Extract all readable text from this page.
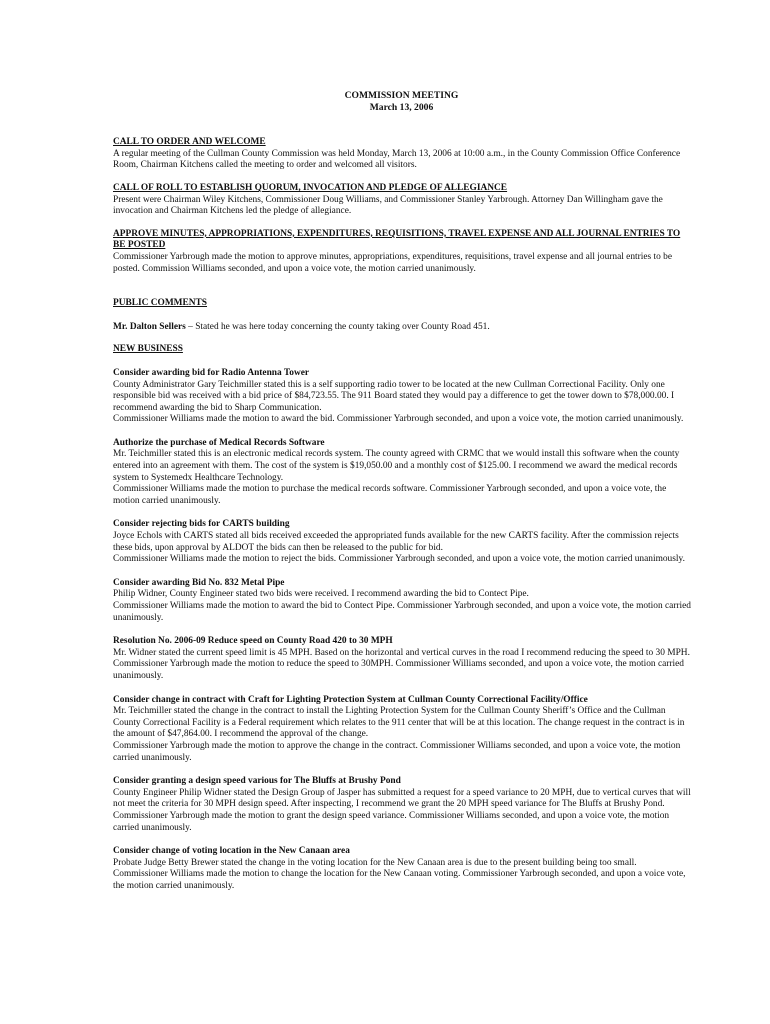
COMMISSION MEETING
March 13, 2006

CALL TO ORDER AND WELCOME

A regular meeting of the Cullman County Commission was held Monday, March 13, 2006 at 10:00 a.m., in the County Commission Office Conference Room, Chairman Kitchens called the meeting to order and welcomed all visitors.

CALL OF ROLL TO ESTABLISH QUORUM, INVOCATION AND PLEDGE OF ALLEGIANCE

Present were Chairman Wiley Kitchens, Commissioner Doug Williams, and Commissioner Stanley Yarbrough. Attorney Dan Willingham gave the invocation and Chairman Kitchens led the pledge of allegiance.

APPROVE MINUTES, APPROPRIATIONS, EXPENDITURES, REQUISITIONS, TRAVEL EXPENSE AND ALL JOURNAL ENTRIES TO BE POSTED

Commissioner Yarbrough made the motion to approve minutes, appropriations, expenditures, requisitions, travel expense and all journal entries to be posted. Commission Williams seconded, and upon a voice vote, the motion carried unanimously.

PUBLIC COMMENTS

Mr. Dalton Sellers – Stated he was here today concerning the county taking over County Road 451.

NEW BUSINESS

Consider awarding bid for Radio Antenna Tower

County Administrator Gary Teichmiller stated this is a self supporting radio tower to be located at the new Cullman Correctional Facility. Only one responsible bid was received with a bid price of $84,723.55. The 911 Board stated they would pay a difference to get the tower down to $78,000.00. I recommend awarding the bid to Sharp Communication.

Commissioner Williams made the motion to award the bid. Commissioner Yarbrough seconded, and upon a voice vote, the motion carried unanimously.

Authorize the purchase of Medical Records Software

Mr. Teichmiller stated this is an electronic medical records system. The county agreed with CRMC that we would install this software when the county entered into an agreement with them. The cost of the system is $19,050.00 and a monthly cost of $125.00. I recommend we award the medical records system to Systemedx Healthcare Technology.

Commissioner Williams made the motion to purchase the medical records software. Commissioner Yarbrough seconded, and upon a voice vote, the motion carried unanimously.

Consider rejecting bids for CARTS building

Joyce Echols with CARTS stated all bids received exceeded the appropriated funds available for the new CARTS facility. After the commission rejects these bids, upon approval by ALDOT the bids can then be released to the public for bid.

Commissioner Williams made the motion to reject the bids. Commissioner Yarbrough seconded, and upon a voice vote, the motion carried unanimously.

Consider awarding Bid No. 832 Metal Pipe

Philip Widner, County Engineer stated two bids were received. I recommend awarding the bid to Contect Pipe.

Commissioner Williams made the motion to award the bid to Contect Pipe. Commissioner Yarbrough seconded, and upon a voice vote, the motion carried unanimously.

Resolution No. 2006-09 Reduce speed on County Road 420 to 30 MPH

Mr. Widner stated the current speed limit is 45 MPH. Based on the horizontal and vertical curves in the road I recommend reducing the speed to 30 MPH.

Commissioner Yarbrough made the motion to reduce the speed to 30MPH. Commissioner Williams seconded, and upon a voice vote, the motion carried unanimously.

Consider change in contract with Craft for Lighting Protection System at Cullman County Correctional Facility/Office

Mr. Teichmiller stated the change in the contract to install the Lighting Protection System for the Cullman County Sheriff’s Office and the Cullman County Correctional Facility is a Federal requirement which relates to the 911 center that will be at this location. The change request in the contract is in the amount of $47,864.00. I recommend the approval of the change.

Commissioner Yarbrough made the motion to approve the change in the contract. Commissioner Williams seconded, and upon a voice vote, the motion carried unanimously.

Consider granting a design speed various for The Bluffs at Brushy Pond

County Engineer Philip Widner stated the Design Group of Jasper has submitted a request for a speed variance to 20 MPH, due to vertical curves that will not meet the criteria for 30 MPH design speed. After inspecting, I recommend we grant the 20 MPH speed variance for The Bluffs at Brushy Pond.

Commissioner Yarbrough made the motion to grant the design speed variance. Commissioner Williams seconded, and upon a voice vote, the motion carried unanimously.

Consider change of voting location in the New Canaan area

Probate Judge Betty Brewer stated the change in the voting location for the New Canaan area is due to the present building being too small.

Commissioner Williams made the motion to change the location for the New Canaan voting. Commissioner Yarbrough seconded, and upon a voice vote, the motion carried unanimously.
